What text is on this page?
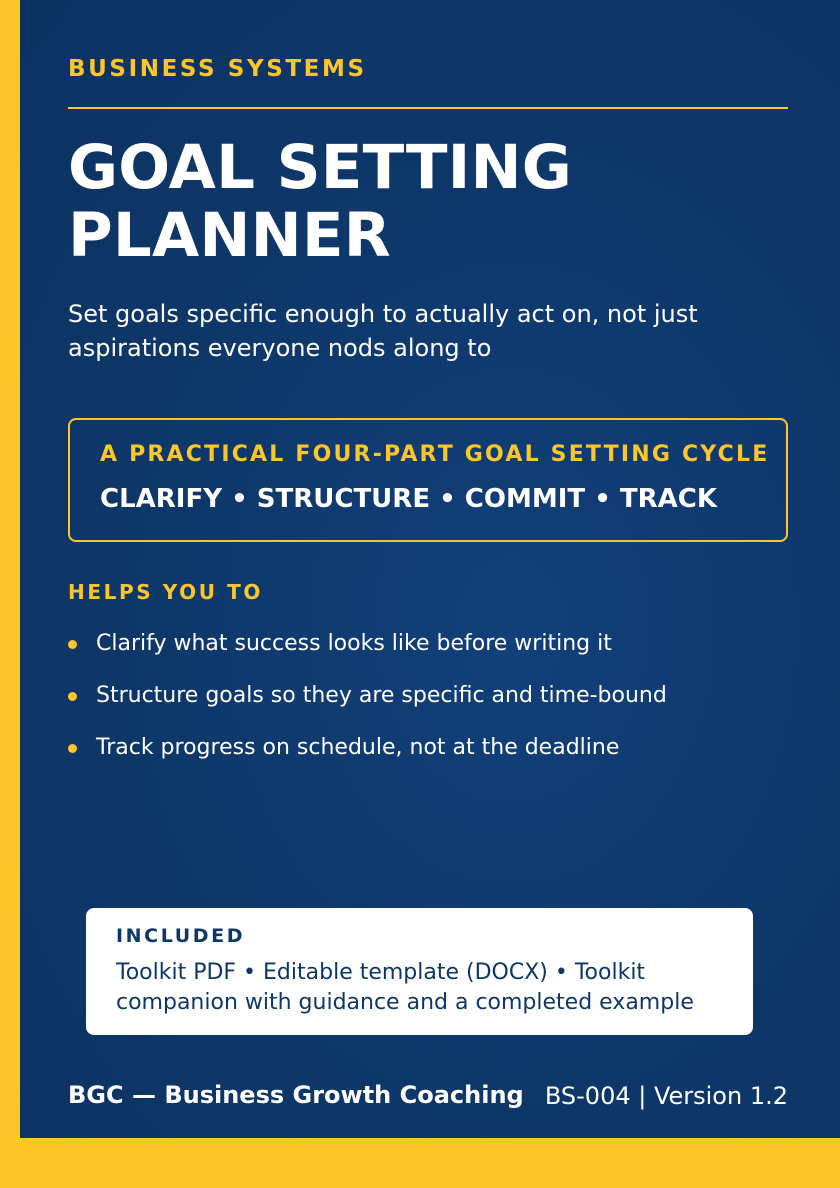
BUSINESS SYSTEMS
GOAL SETTING
PLANNER
Set goals specific enough to actually act on, not just aspirations everyone nods along to
A PRACTICAL FOUR-PART GOAL SETTING CYCLE
CLARIFY • STRUCTURE • COMMIT • TRACK
HELPS YOU TO
Clarify what success looks like before writing it
Structure goals so they are specific and time-bound
Track progress on schedule, not at the deadline
INCLUDED
Toolkit PDF • Editable template (DOCX) • Toolkit companion with guidance and a completed example
BGC — Business Growth Coaching BS-004 | Version 1.2
